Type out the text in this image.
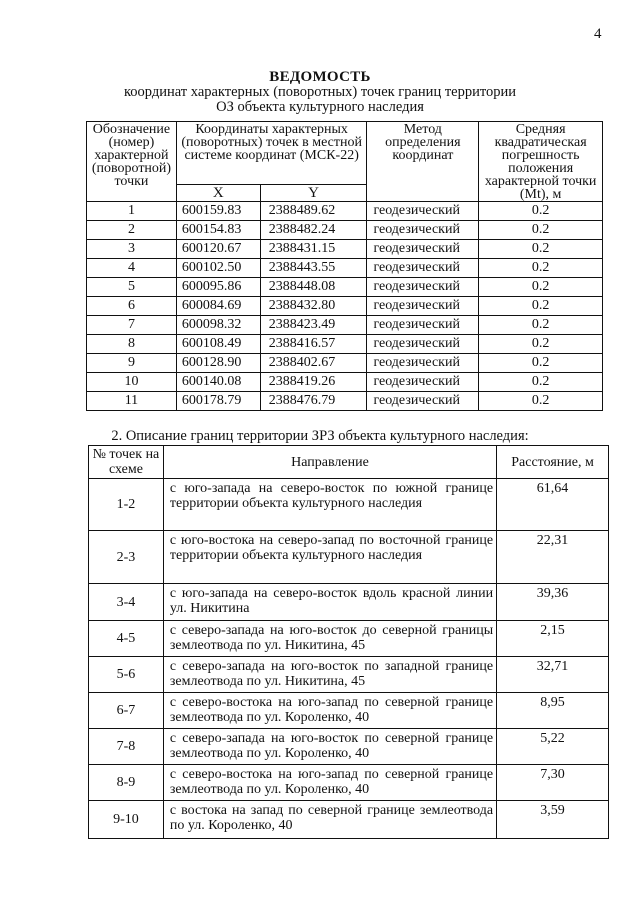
4
ВЕДОМОСТЬ
координат характерных (поворотных) точек границ территории
ОЗ объекта культурного наследия
Обозначение (номер) характерной (поворотной) точки	Координаты характерных (поворотных) точек в местной системе координат (МСК-22)		Метод определения координат	Средняя квадратическая погрешность положения характерной точки (Mt), м
	X	Y		
1	600159.83	2388489.62	геодезический	0.2
2	600154.83	2388482.24	геодезический	0.2
3	600120.67	2388431.15	геодезический	0.2
4	600102.50	2388443.55	геодезический	0.2
5	600095.86	2388448.08	геодезический	0.2
6	600084.69	2388432.80	геодезический	0.2
7	600098.32	2388423.49	геодезический	0.2
8	600108.49	2388416.57	геодезический	0.2
9	600128.90	2388402.67	геодезический	0.2
10	600140.08	2388419.26	геодезический	0.2
11	600178.79	2388476.79	геодезический	0.2
2. Описание границ территории ЗРЗ объекта культурного наследия:
№ точек на схеме	Направление	Расстояние, м
1-2	с юго-запада на северо-восток по южной границе территории объекта культурного наследия	61,64
2-3	с юго-востока на северо-запад по восточной границе территории объекта культурного наследия	22,31
3-4	с юго-запада на северо-восток вдоль красной линии ул. Никитина	39,36
4-5	с северо-запада на юго-восток до северной границы землеотвода по ул. Никитина, 45	2,15
5-6	с северо-запада на юго-восток по западной границе землеотвода по ул. Никитина, 45	32,71
6-7	с северо-востока на юго-запад по северной границе землеотвода по ул. Короленко, 40	8,95
7-8	с северо-запада на юго-восток по северной границе землеотвода по ул. Короленко, 40	5,22
8-9	с северо-востока на юго-запад по северной границе землеотвода по ул. Короленко, 40	7,30
9-10	с востока на запад по северной границе землеотвода по ул. Короленко, 40	3,59
